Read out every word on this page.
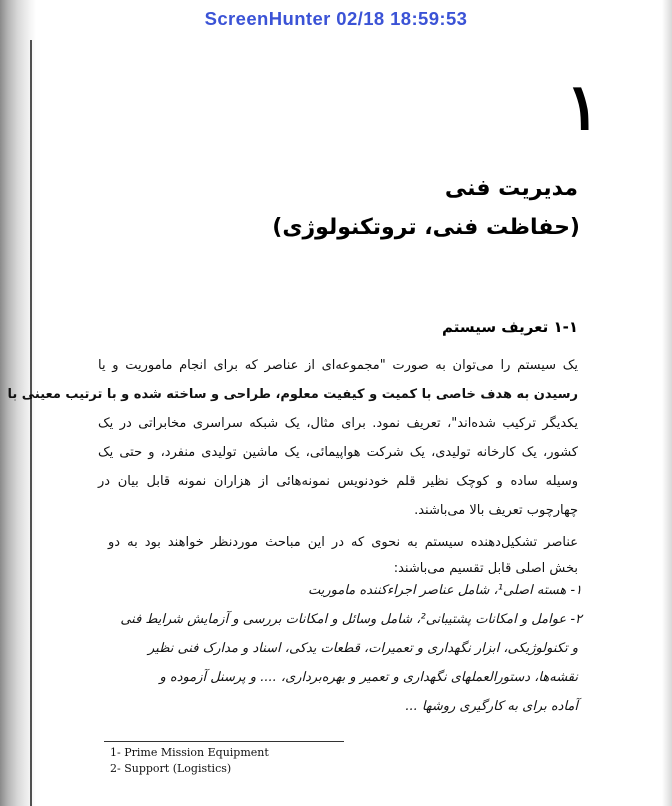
ScreenHunter 02/18 18:59:53
۱
مدیریت فنی
(حفاظت فنی، تروتکنولوژی)
۱-۱ تعریف سیستم
یک سیستم را می‌توان به صورت "مجموعه‌ای از عناصر که برای انجام ماموریت و یا
رسیدن به هدف خاصی با کمیت و کیفیت معلوم، طراحی و ساخته شده و با ترتیب معینی با
یکدیگر ترکیب شده‌اند"، تعریف نمود. برای مثال، یک شبکه سراسری مخابراتی در یک
کشور، یک کارخانه تولیدی، یک شرکت هواپیمائی، یک ماشین تولیدی منفرد، و حتی یک
وسیله ساده و کوچک نظیر قلم خودنویس نمونه‌هائی از هزاران نمونه قابل بیان در
چهارچوب تعریف بالا می‌باشند.
عناصر تشکیل‌دهنده سیستم به نحوی که در این مباحث موردنظر خواهند بود به دو
بخش اصلی قابل تقسیم می‌باشند:
۱- هسته اصلی¹، شامل عناصر اجراءکننده ماموریت
۲- عوامل و امکانات پشتیبانی²، شامل وسائل و امکانات بررسی و آزمایش شرایط فنی
و تکنولوژیکی، ابزار نگهداری و تعمیرات، قطعات یدکی، اسناد و مدارک فنی نظیر
نقشه‌ها، دستورالعملهای نگهداری و تعمیر و بهره‌برداری، .... و پرسنل آزموده و
آماده برای به کارگیری روشها ...
1- Prime Mission Equipment
2- Support (Logistics)
